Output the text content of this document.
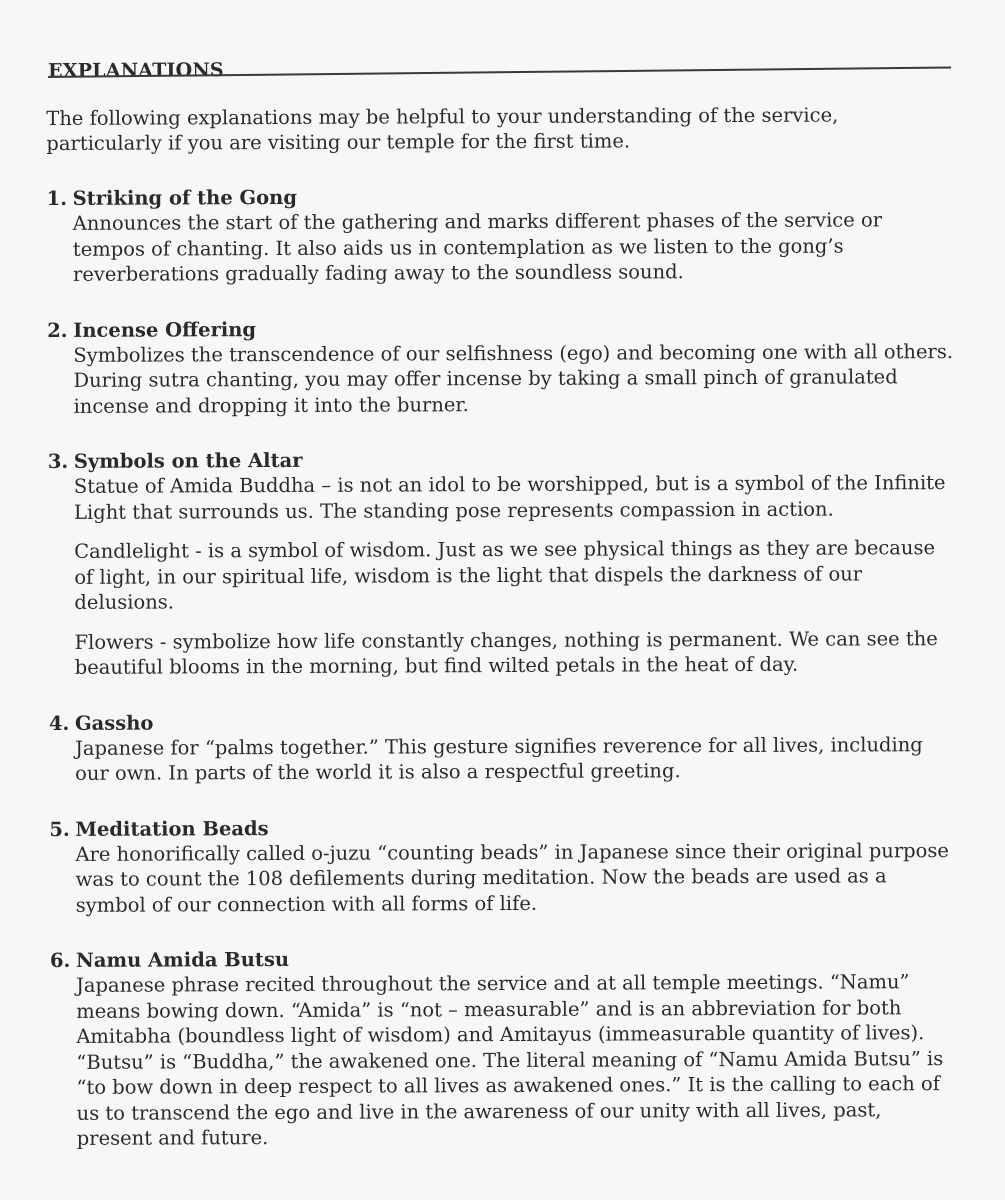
EXPLANATIONS
The following explanations may be helpful to your understanding of the service, particularly if you are visiting our temple for the first time.
1. Striking of the Gong
Announces the start of the gathering and marks different phases of the service or tempos of chanting. It also aids us in contemplation as we listen to the gong’s reverberations gradually fading away to the soundless sound.
2. Incense Offering
Symbolizes the transcendence of our selfishness (ego) and becoming one with all others. During sutra chanting, you may offer incense by taking a small pinch of granulated incense and dropping it into the burner.
3. Symbols on the Altar
Statue of Amida Buddha – is not an idol to be worshipped, but is a symbol of the Infinite Light that surrounds us. The standing pose represents compassion in action.
Candlelight - is a symbol of wisdom. Just as we see physical things as they are because of light, in our spiritual life, wisdom is the light that dispels the darkness of our delusions.
Flowers - symbolize how life constantly changes, nothing is permanent. We can see the beautiful blooms in the morning, but find wilted petals in the heat of day.
4. Gassho
Japanese for “palms together.” This gesture signifies reverence for all lives, including our own. In parts of the world it is also a respectful greeting.
5. Meditation Beads
Are honorifically called o-juzu “counting beads” in Japanese since their original purpose was to count the 108 defilements during meditation. Now the beads are used as a symbol of our connection with all forms of life.
6. Namu Amida Butsu
Japanese phrase recited throughout the service and at all temple meetings. “Namu” means bowing down. “Amida” is “not – measurable” and is an abbreviation for both Amitabha (boundless light of wisdom) and Amitayus (immeasurable quantity of lives). “Butsu” is “Buddha,” the awakened one. The literal meaning of “Namu Amida Butsu” is “to bow down in deep respect to all lives as awakened ones.” It is the calling to each of us to transcend the ego and live in the awareness of our unity with all lives, past, present and future.
